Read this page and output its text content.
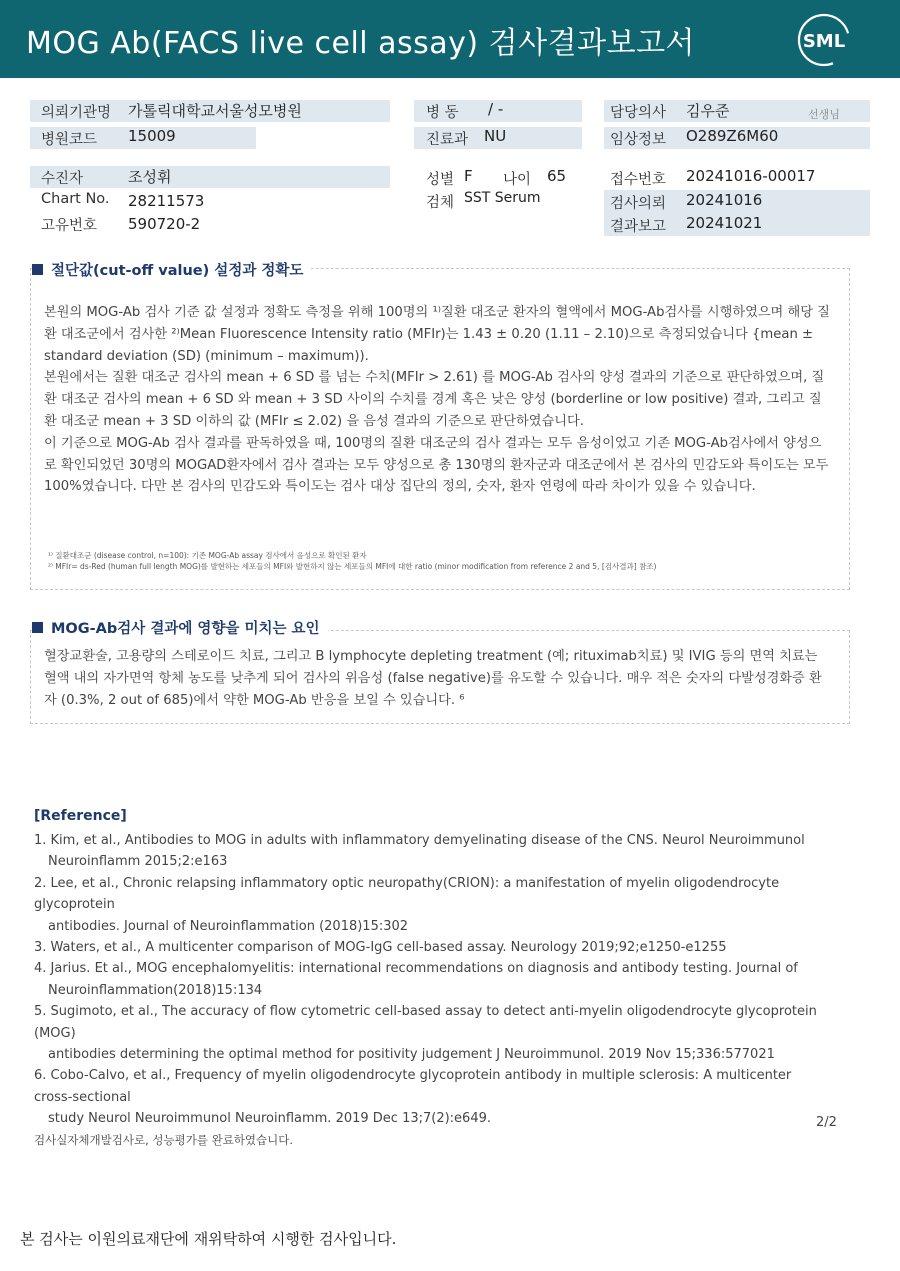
MOG Ab(FACS live cell assay) 검사결과보고서	SML
의뢰기관명 가톨릭대학교서울성모병원
병원코드 15009
병 동 / -
진료과 NU
담당의사 김우준	선생님
임상정보 O289Z6M60
수진자	조성휘
Chart No. 28211573
고유번호 590720-2
성별 F 나이 65
검체 SST Serum
접수번호 20241016-00017
검사의뢰 20241016
결과보고 20241021
절단값(cut-off value) 설정과 정확도

본원의 MOG-Ab 검사 기준 값 설정과 정확도 측정을 위해 100명의 ¹⁾질환 대조군 환자의 혈액에서 MOG-Ab검사를 시행하였으며 해당 질환 대조군에서 검사한 ²⁾Mean Fluorescence Intensity ratio (MFIr)는 1.43 ± 0.20 (1.11 – 2.10)으로 측정되었습니다 {mean ± standard deviation (SD) (minimum – maximum)).

본원에서는 질환 대조군 검사의 mean + 6 SD 를 넘는 수치(MFIr > 2.61) 를 MOG-Ab 검사의 양성 결과의 기준으로 판단하였으며, 질환 대조군 검사의 mean + 6 SD 와 mean + 3 SD 사이의 수치를 경계 혹은 낮은 양성 (borderline or low positive) 결과, 그리고 질환 대조군 mean + 3 SD 이하의 값 (MFIr ≤ 2.02) 을 음성 결과의 기준으로 판단하였습니다.

이 기준으로 MOG-Ab 검사 결과를 판독하였을 때, 100명의 질환 대조군의 검사 결과는 모두 음성이었고 기존 MOG-Ab검사에서 양성으로 확인되었던 30명의 MOGAD환자에서 검사 결과는 모두 양성으로 총 130명의 환자군과 대조군에서 본 검사의 민감도와 특이도는 모두 100%였습니다. 다만 본 검사의 민감도와 특이도는 검사 대상 집단의 정의, 숫자, 환자 연령에 따라 차이가 있을 수 있습니다.

¹⁾ 질환대조군 (disease control, n=100): 기존 MOG-Ab assay 검사에서 음성으로 확인된 환자
²⁾ MFIr= ds-Red (human full length MOG)를 발현하는 세포들의 MFI와 발현하지 않는 세포들의 MFI에 대한 ratio (minor modification from reference 2 and 5, [검사결과] 참조)
MOG-Ab검사 결과에 영향을 미치는 요인

혈장교환술, 고용량의 스테로이드 치료, 그리고 B lymphocyte depleting treatment (예; rituximab치료) 및 IVIG 등의 면역 치료는 혈액 내의 자가면역 항체 농도를 낮추게 되어 검사의 위음성 (false negative)를 유도할 수 있습니다. 매우 적은 숫자의 다발성경화증 환자 (0.3%, 2 out of 685)에서 약한 MOG-Ab 반응을 보일 수 있습니다. ⁶

[Reference]
1. Kim, et al., Antibodies to MOG in adults with inflammatory demyelinating disease of the CNS. Neurol Neuroimmunol
Neuroinflamm 2015;2:e163
2. Lee, et al., Chronic relapsing inflammatory optic neuropathy(CRION): a manifestation of myelin oligodendrocyte glycoprotein
antibodies. Journal of Neuroinflammation (2018)15:302
3. Waters, et al., A multicenter comparison of MOG-IgG cell-based assay. Neurology 2019;92;e1250-e1255
4. Jarius. Et al., MOG encephalomyelitis: international recommendations on diagnosis and antibody testing. Journal of
Neuroinflammation(2018)15:134
5. Sugimoto, et al., The accuracy of flow cytometric cell-based assay to detect anti-myelin oligodendrocyte glycoprotein (MOG)
antibodies determining the optimal method for positivity judgement J Neuroimmunol. 2019 Nov 15;336:577021
6. Cobo-Calvo, et al., Frequency of myelin oligodendrocyte glycoprotein antibody in multiple sclerosis: A multicenter
cross-sectional
study Neurol Neuroimmunol Neuroinflamm. 2019 Dec 13;7(2):e649.
검사실자체개발검사로, 성능평가를 완료하였습니다.
2/2
본 검사는 이원의료재단에 재위탁하여 시행한 검사입니다.
